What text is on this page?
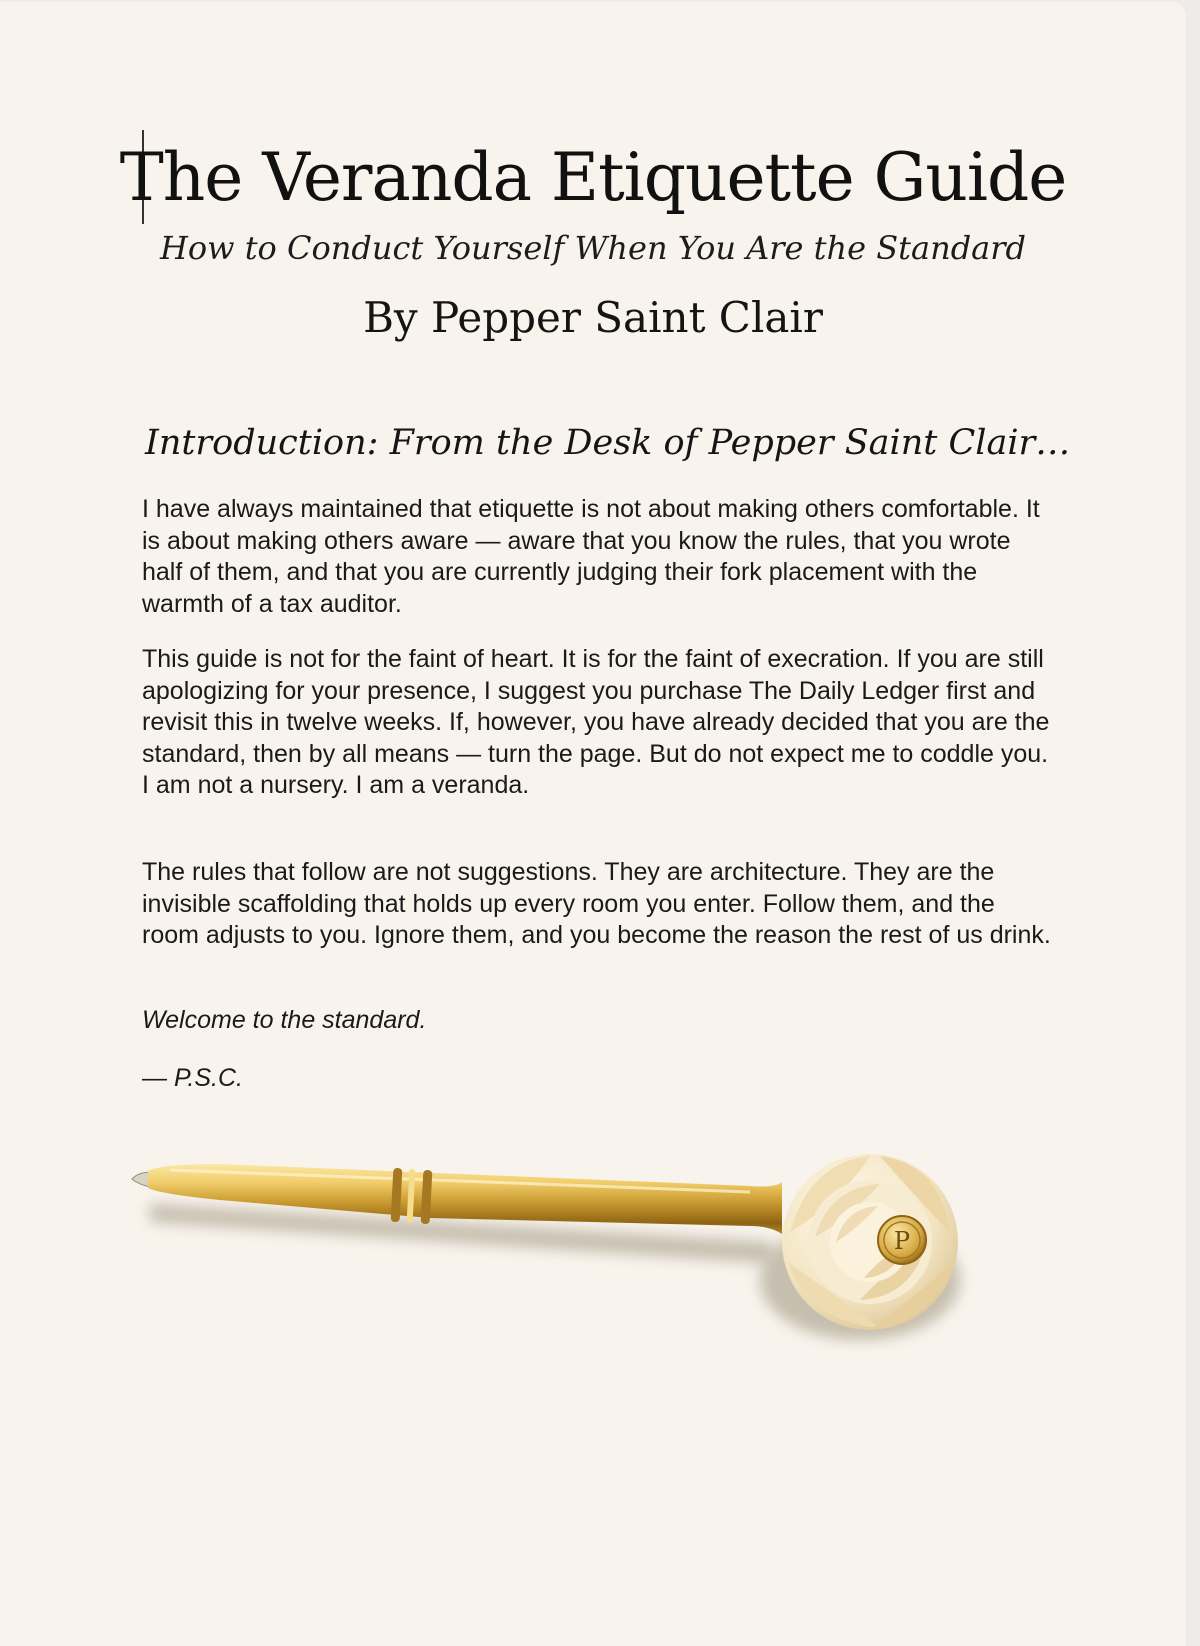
The Veranda Etiquette Guide

How to Conduct Yourself When You Are the Standard

By Pepper Saint Clair

Introduction: From the Desk of Pepper Saint Clair…

I have always maintained that etiquette is not about making others comfortable. It is about making others aware — aware that you know the rules, that you wrote half of them, and that you are currently judging their fork placement with the warmth of a tax auditor.

This guide is not for the faint of heart. It is for the faint of execration. If you are still apologizing for your presence, I suggest you purchase The Daily Ledger first and revisit this in twelve weeks. If, however, you have already decided that you are the standard, then by all means — turn the page. But do not expect me to coddle you. I am not a nursery. I am a veranda.

The rules that follow are not suggestions. They are architecture. They are the invisible scaffolding that holds up every room you enter. Follow them, and the room adjusts to you. Ignore them, and you become the reason the rest of us drink.

Welcome to the standard.

— P.S.C.

P
